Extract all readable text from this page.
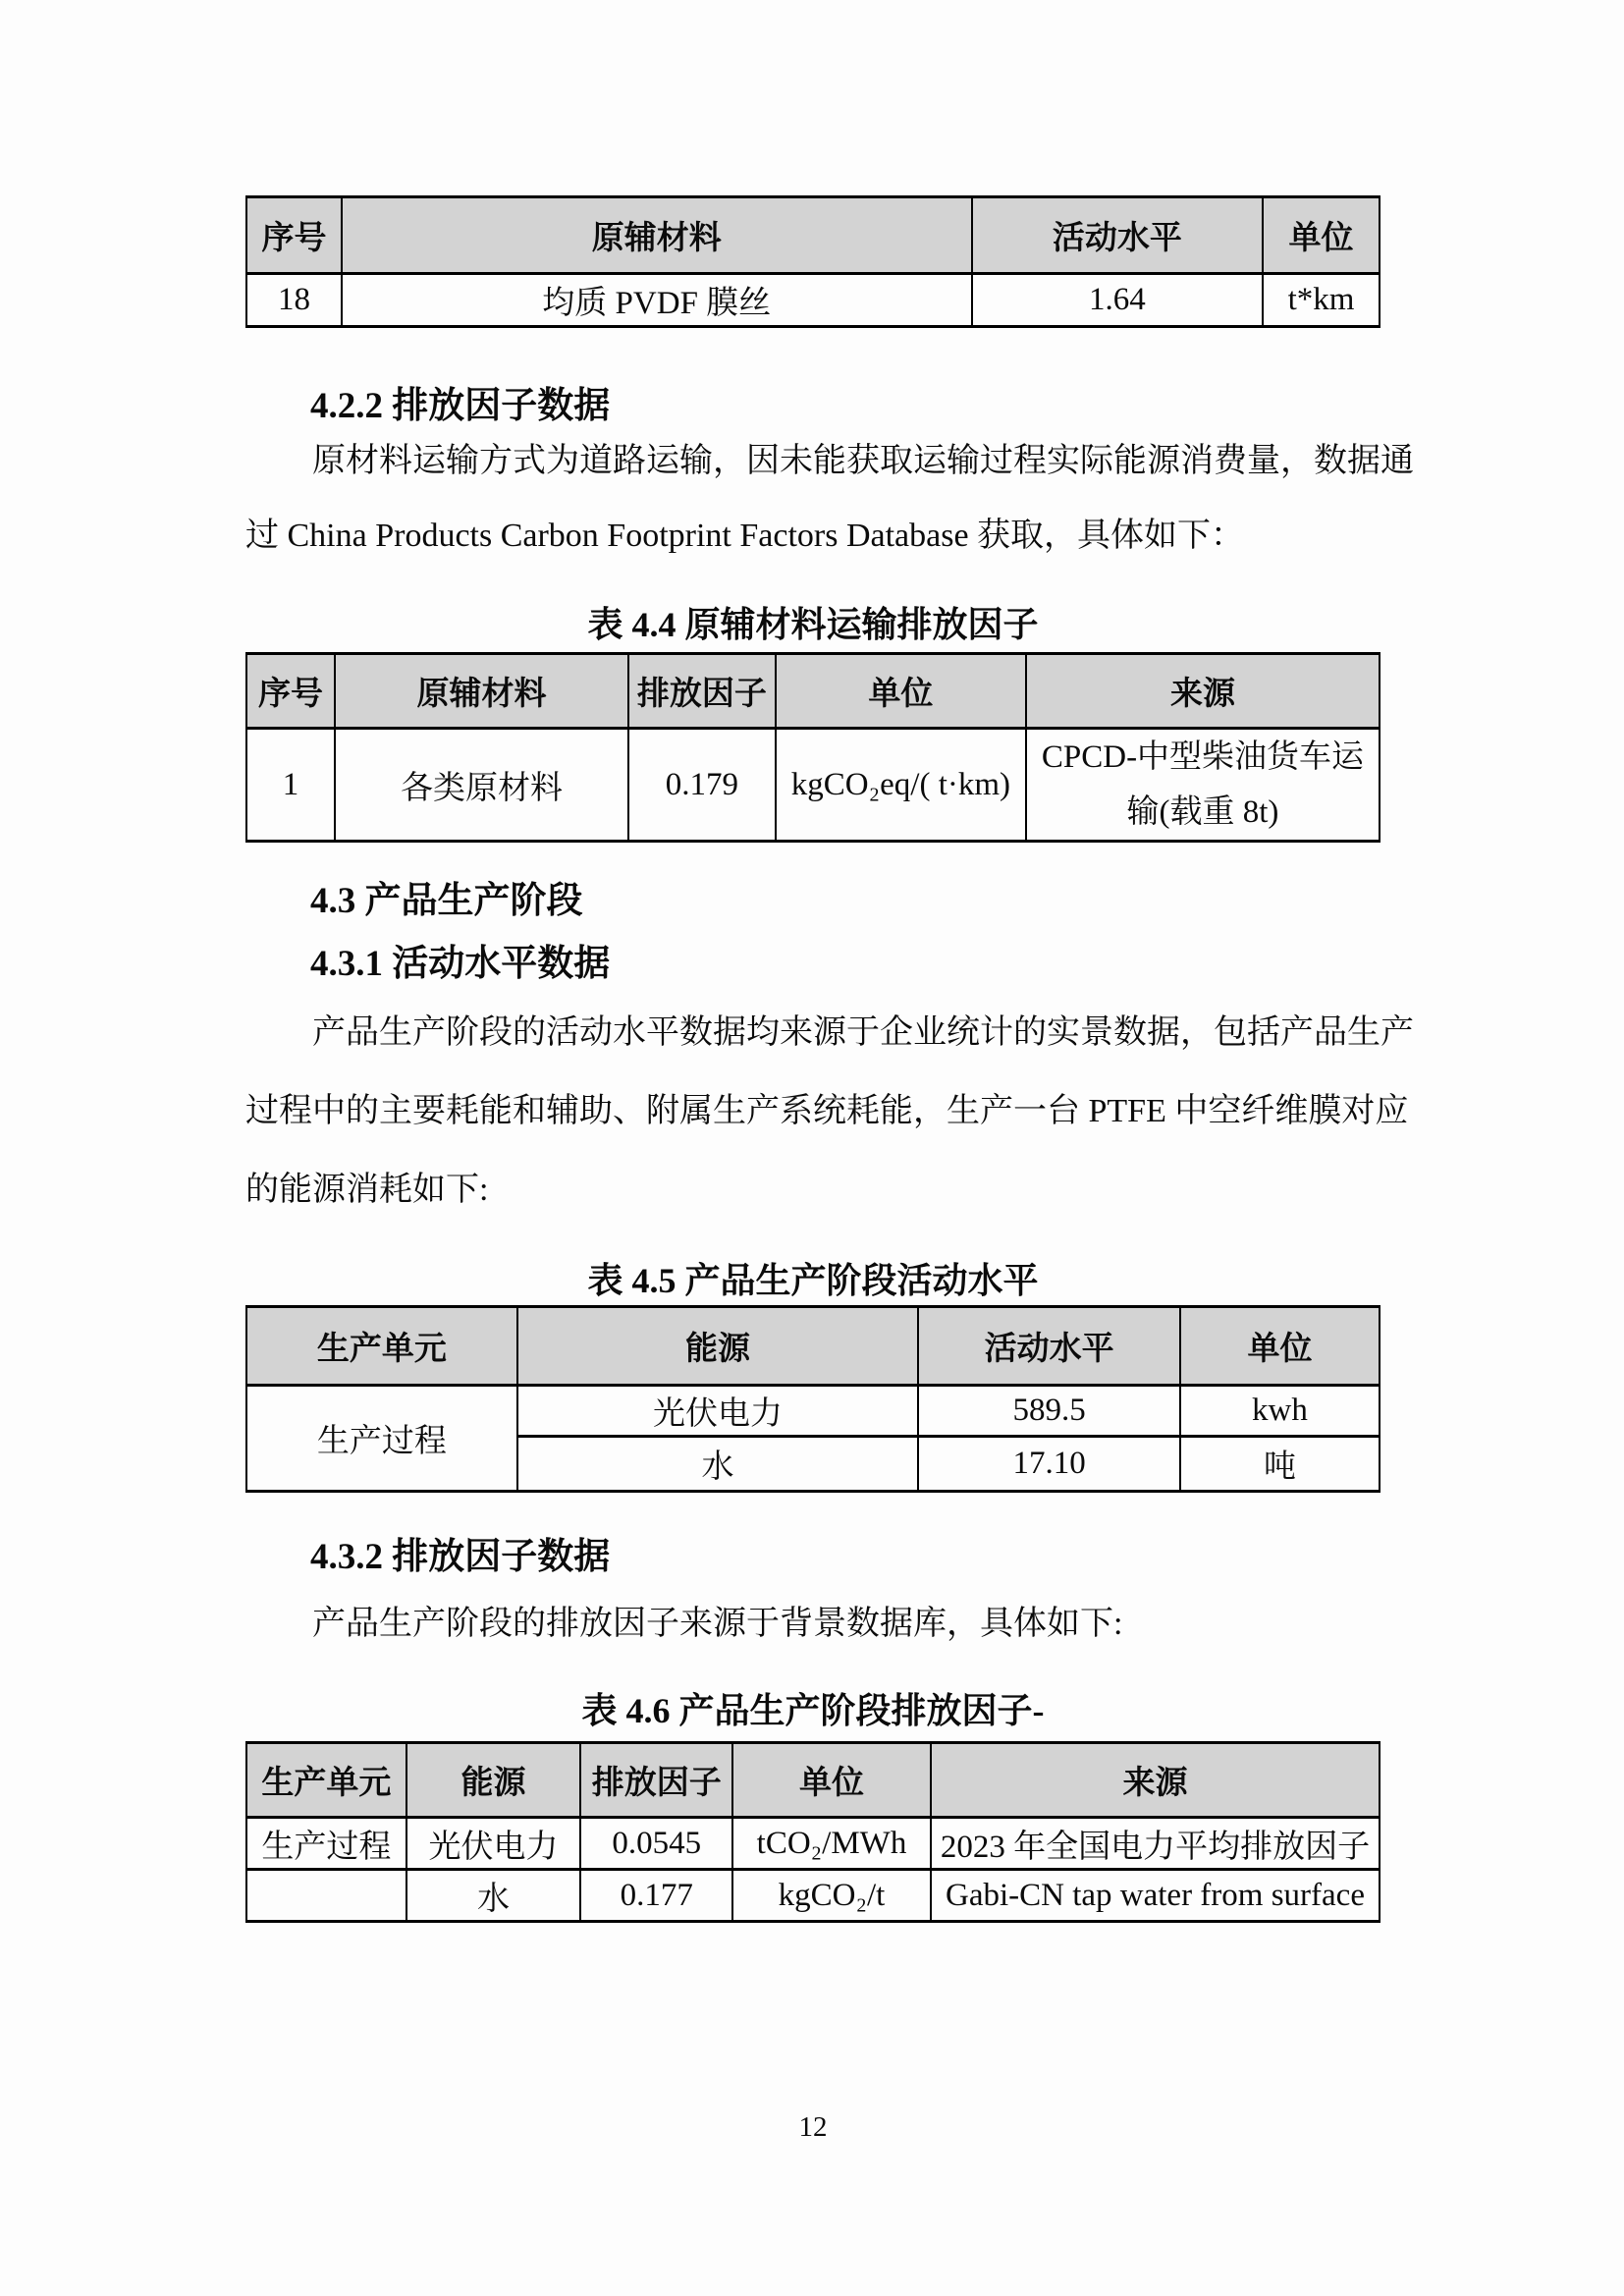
序号	原辅材料	活动水平	单位
18	均质 PVDF 膜丝	1.64	t*km
4.2.2 排放因子数据
原材料运输方式为道路运输，因未能获取运输过程实际能源消费量，数据通
过 China Products Carbon Footprint Factors Database 获取，具体如下：
表 4.4 原辅材料运输排放因子
序号	原辅材料	排放因子	单位	来源
1	各类原材料	0.179	kgCO₂eq/( t·km)	CPCD-中型柴油货车运输(载重 8t)
4.3 产品生产阶段
4.3.1 活动水平数据
产品生产阶段的活动水平数据均来源于企业统计的实景数据，包括产品生产
过程中的主要耗能和辅助、附属生产系统耗能，生产一台 PTFE 中空纤维膜对应
的能源消耗如下:
表 4.5 产品生产阶段活动水平
生产单元	能源	活动水平	单位
生产过程	光伏电力	589.5	kwh
	水	17.10	吨
4.3.2 排放因子数据
产品生产阶段的排放因子来源于背景数据库，具体如下:
表 4.6 产品生产阶段排放因子-
生产单元	能源	排放因子	单位	来源
生产过程	光伏电力	0.0545	tCO₂/MWh	2023 年全国电力平均排放因子
	水	0.177	kgCO₂/t	Gabi-CN tap water from surface
12
